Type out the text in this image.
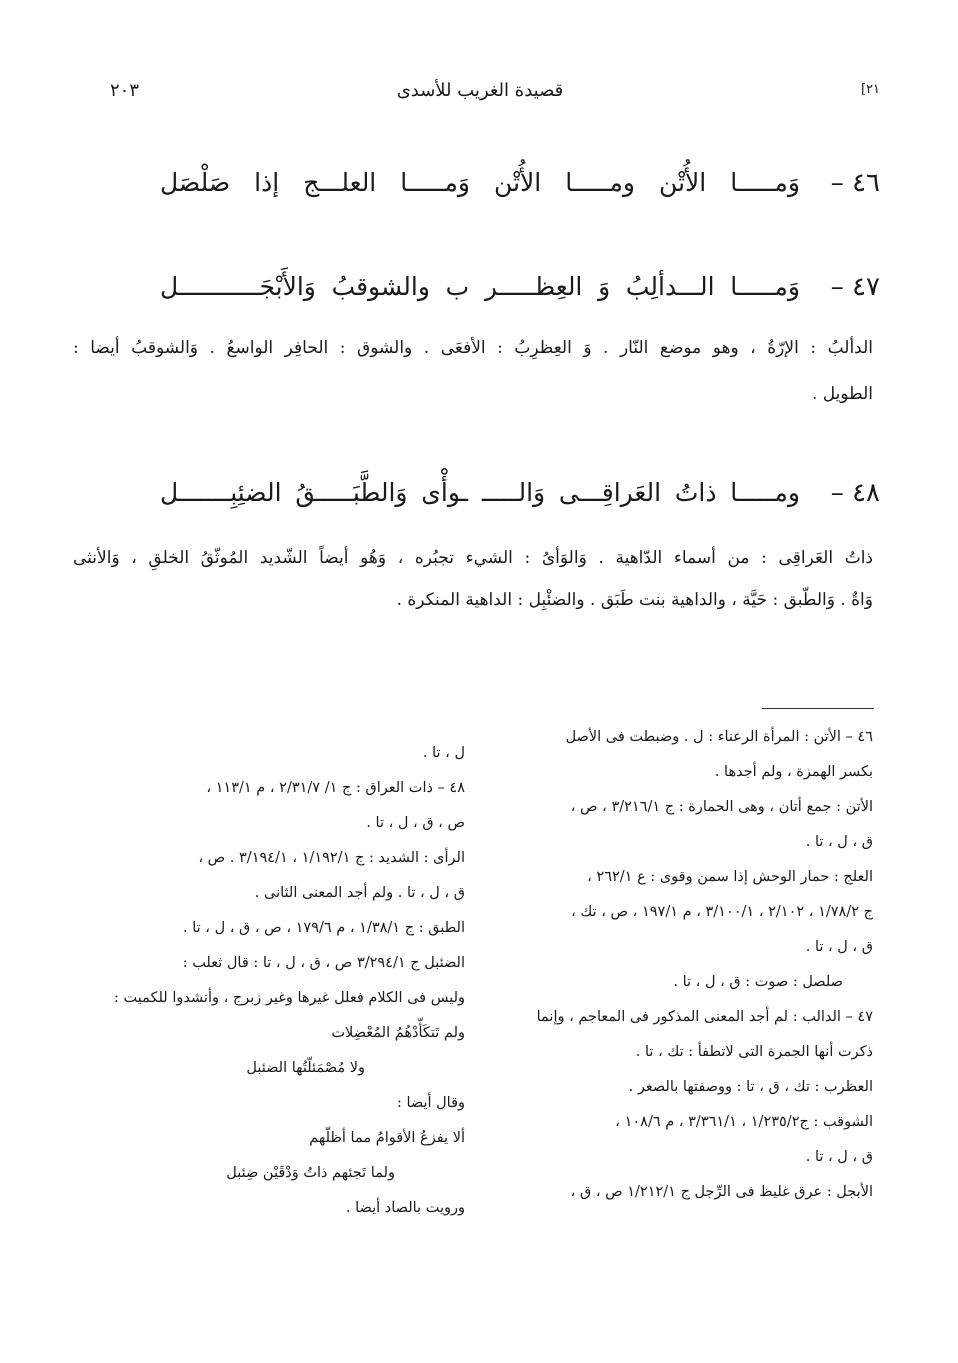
٢٠٣	قصيدة الغريب للأسدى	[٢١
٤٦ –
وَمـــــا الأُتْن ومـــــا الأُتْن وَمـــــا العلـــج إذا صَلْصَل
٤٧ –
وَمـــــا الـــدألِبُ وَ العِظـــــر ب والشوقبُ وَالأَبْجَـــــــــــل
الدألبُ : الإرّةُ ، وهو موضع النّار . وَ العِظرِبُ : الأفعَى . والشوق : الحافِر الواسعُ . وَالشوقبُ أيضا :
الطويل .
٤٨ –
ومـــــا ذاتُ العَراقِـــى وَالـــــ ـوأْى وَالطَّبَـــــقُ الضئِبِـــــــل
ذاتُ العَراقِى : من أسماء الدّاهية . وَالوَأىُ : الشيء تجبُره ، وَهُو أيضاً الشّديد المُوثّقُ الخلقِ ، وَالأنثى
وَاةٌ . وَالطّبق : حَيَّة ، والداهية بنت طَبَق . والضئْبِل : الداهية المنكرة .

٤٦ – الأتن : المرأة الرعناء : ل . وضبطت فى الأصل

بكسر الهمزة ، ولم أجدها .

الأتن : جمع أتان ، وهى الحمارة : ج ٣/٢١٦/١ ، ص ،

ق ، ل ، تا .

العلج : حمار الوحش إذا سمن وقوى : ع ٢٦٢/١ ،

ج ١/٧٨/٢ ، ٢/١٠٢ ، ٣/١٠٠/١ ، م ١٩٧/١ ، ص ، تك ،

ق ، ل ، تا .

صلصل : صوت : ق ، ل ، تا .

٤٧ – الدالب : لم أجد المعنى المذكور فى المعاجم ، وإنما

ذكرت أنها الجمرة التى لاتطفأ : تك ، تا .

العظرب : تك ، ق ، تا : ووصفتها بالصغر .

الشوقب : ج١/٢٣٥/٢ ، ٣/٣٦١/١ ، م ١٠٨/٦ ،

ق ، ل ، تا .

الأبجل : عرق غليظ فى الرِّجل ج ١/٢١٢/١ ص ، ق ،

ل ، تا .

٤٨ – ذات العراق : ج ١/ ٢/٣١/٧ ، م ١١٣/١ ،

ص ، ق ، ل ، تا .

الرأى : الشديد : ج ١/١٩٢/١ ، ٣/١٩٤/١ . ص ،

ق ، ل ، تا . ولم أجد المعنى الثانى .

الطبق : ج ١/٣٨/١ ، م ١٧٩/٦ ، ص ، ق ، ل ، تا .

الضئبل ج ٣/٢٩٤/١ ص ، ق ، ل ، تا : قال ثعلب :

وليس فى الكلام فعلل غيرها وغير زبرج ، وأنشدوا للكميت :

ولم تَتكَأّدْهُمُ المُعْضِلات

ولا مُصْمَئلّتُها الضئبل

وقال أيضا :

ألا يفزعُ الأقوامُ مما أظلّهم

ولما تَجئهم ذاتُ وَدْقَيْن ضِئبل

ورويت بالصاد أيضا .
